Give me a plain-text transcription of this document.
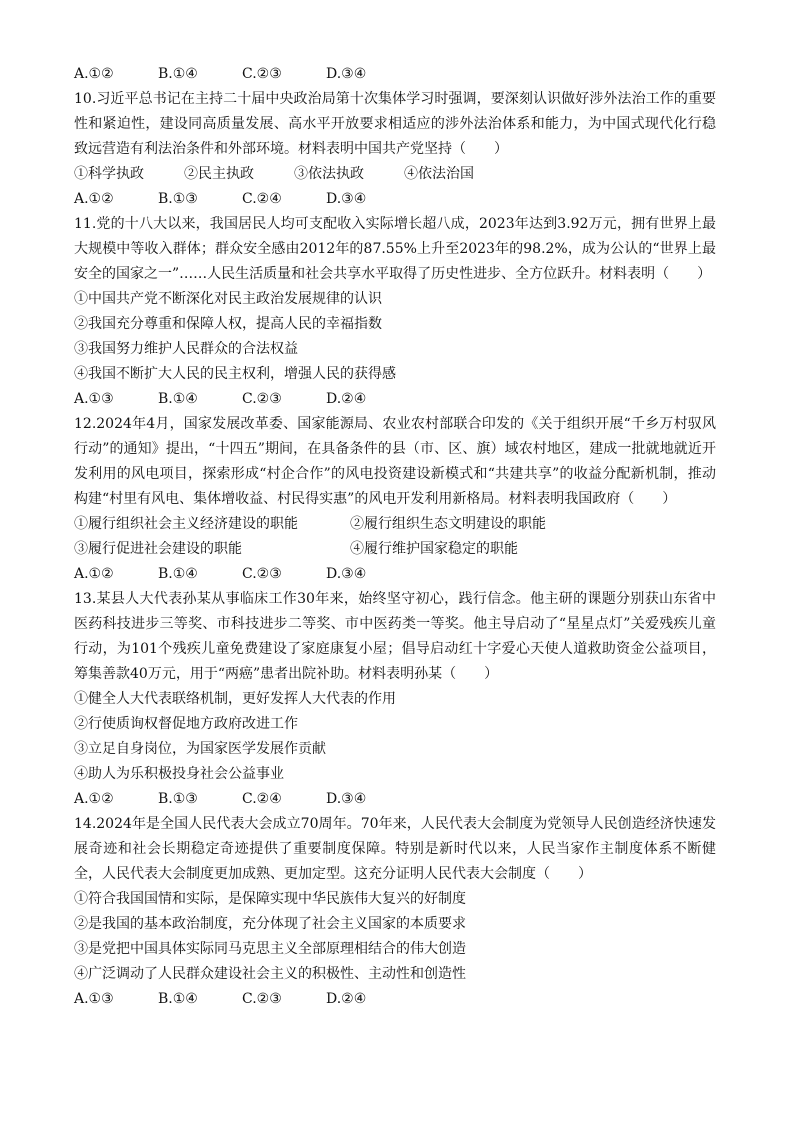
A.①②	B.①④	C.②③	D.③④
10.习近平总书记在主持二十届中央政治局第十次集体学习时强调，要深刻认识做好涉外法治工作的重要性和紧迫性，建设同高质量发展、高水平开放要求相适应的涉外法治体系和能力，为中国式现代化行稳致远营造有利法治条件和外部环境。材料表明中国共产党坚持（　　）
①科学执政	②民主执政	③依法执政	④依法治国
A.①②	B.①③	C.②④	D.③④
11.党的十八大以来，我国居民人均可支配收入实际增长超八成，2023年达到3.92万元，拥有世界上最大规模中等收入群体；群众安全感由2012年的87.55%上升至2023年的98.2%，成为公认的“世界上最安全的国家之一”……人民生活质量和社会共享水平取得了历史性进步、全方位跃升。材料表明（　　）
①中国共产党不断深化对民主政治发展规律的认识
②我国充分尊重和保障人权，提高人民的幸福指数
③我国努力维护人民群众的合法权益
④我国不断扩大人民的民主权利，增强人民的获得感
A.①③	B.①④	C.②③	D.②④
12.2024年4月，国家发展改革委、国家能源局、农业农村部联合印发的《关于组织开展“千乡万村驭风行动”的通知》提出，“十四五”期间，在具备条件的县（市、区、旗）域农村地区，建成一批就地就近开发利用的风电项目，探索形成“村企合作”的风电投资建设新模式和“共建共享”的收益分配新机制，推动构建“村里有风电、集体增收益、村民得实惠”的风电开发利用新格局。材料表明我国政府（　　）
①履行组织社会主义经济建设的职能	②履行组织生态文明建设的职能
③履行促进社会建设的职能	④履行维护国家稳定的职能
A.①②	B.①④	C.②③	D.③④
13.某县人大代表孙某从事临床工作30年来，始终坚守初心，践行信念。他主研的课题分别获山东省中医药科技进步三等奖、市科技进步二等奖、市中医药类一等奖。他主导启动了“星星点灯”关爱残疾儿童行动，为101个残疾儿童免费建设了家庭康复小屋；倡导启动红十字爱心天使人道救助资金公益项目，筹集善款40万元，用于“两癌”患者出院补助。材料表明孙某（　　）
①健全人大代表联络机制，更好发挥人大代表的作用
②行使质询权督促地方政府改进工作
③立足自身岗位，为国家医学发展作贡献
④助人为乐积极投身社会公益事业
A.①②	B.①③	C.②④	D.③④
14.2024年是全国人民代表大会成立70周年。70年来，人民代表大会制度为党领导人民创造经济快速发展奇迹和社会长期稳定奇迹提供了重要制度保障。特别是新时代以来，人民当家作主制度体系不断健全，人民代表大会制度更加成熟、更加定型。这充分证明人民代表大会制度（　　）
①符合我国国情和实际，是保障实现中华民族伟大复兴的好制度
②是我国的基本政治制度，充分体现了社会主义国家的本质要求
③是党把中国具体实际同马克思主义全部原理相结合的伟大创造
④广泛调动了人民群众建设社会主义的积极性、主动性和创造性
A.①③	B.①④	C.②③	D.②④
